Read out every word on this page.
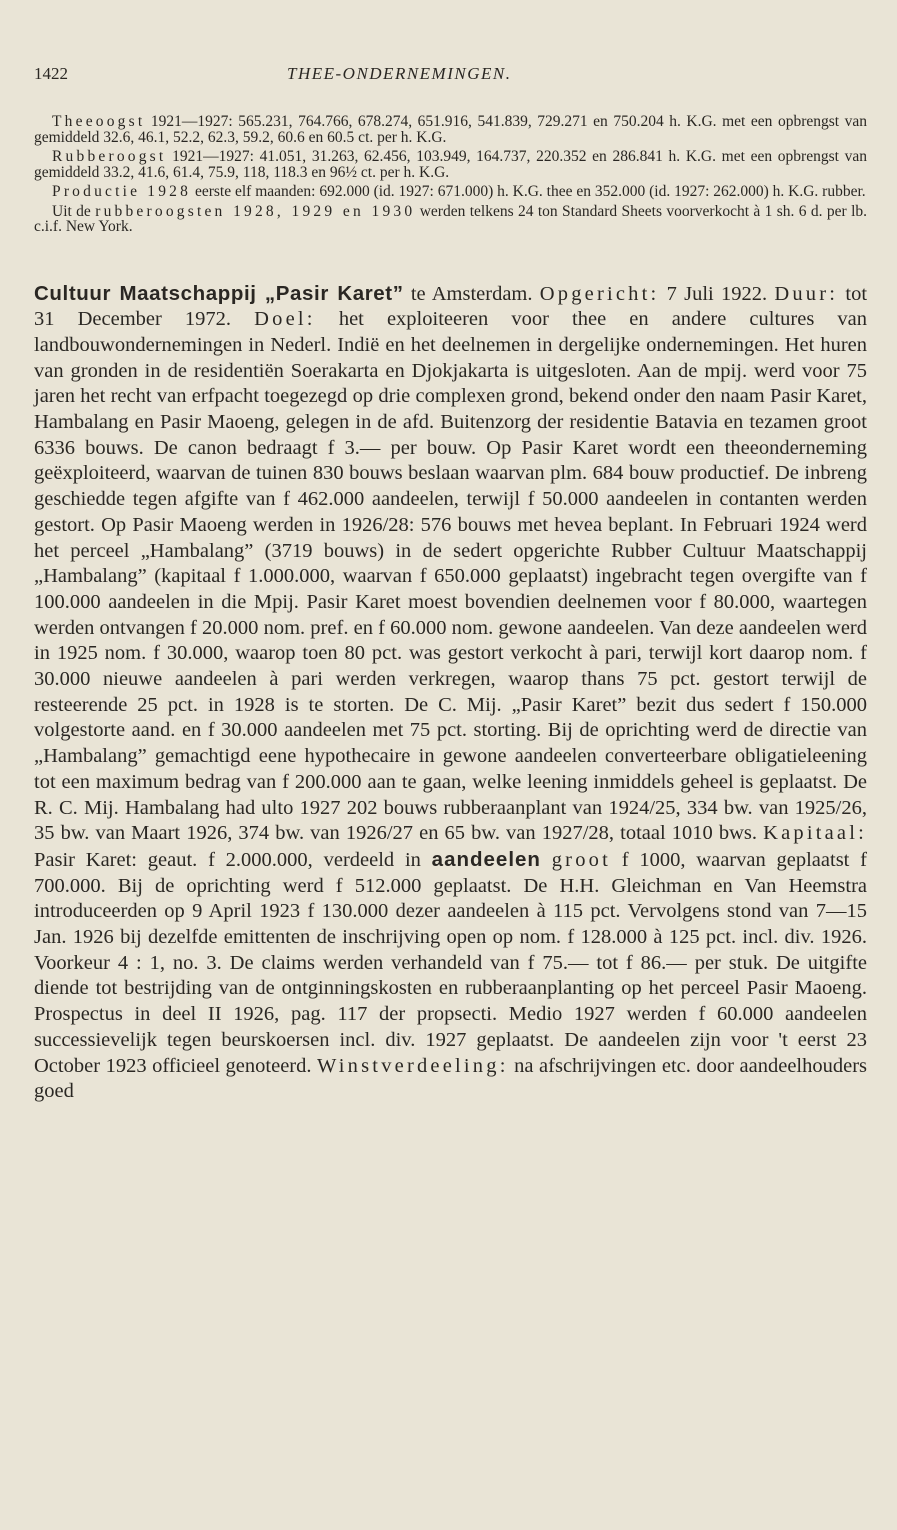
1422	THEE-ONDERNEMINGEN.

Theeoogst 1921—1927: 565.231, 764.766, 678.274, 651.916, 541.839, 729.271 en 750.204 h. K.G. met een opbrengst van gemiddeld 32.6, 46.1, 52.2, 62.3, 59.2, 60.6 en 60.5 ct. per h. K.G.

Rubberoogst 1921—1927: 41.051, 31.263, 62.456, 103.949, 164.737, 220.352 en 286.841 h. K.G. met een opbrengst van gemiddeld 33.2, 41.6, 61.4, 75.9, 118, 118.3 en 96½ ct. per h. K.G.

Productie 1928 eerste elf maanden: 692.000 (id. 1927: 671.000) h. K.G. thee en 352.000 (id. 1927: 262.000) h. K.G. rubber.

Uit de rubberoogsten 1928, 1929 en 1930 werden telkens 24 ton Standard Sheets voorverkocht à 1 sh. 6 d. per lb. c.i.f. New York.

Cultuur Maatschappij „Pasir Karet” te Amsterdam. Opgericht: 7 Juli 1922. Duur: tot 31 December 1972. Doel: het exploiteeren voor thee en andere cultures van landbouwondernemingen in Nederl. Indië en het deelnemen in dergelijke ondernemingen. Het huren van gronden in de residentiën Soerakarta en Djokjakarta is uitgesloten. Aan de mpij. werd voor 75 jaren het recht van erfpacht toegezegd op drie complexen grond, bekend onder den naam Pasir Karet, Hambalang en Pasir Maoeng, gelegen in de afd. Buitenzorg der residentie Batavia en tezamen groot 6336 bouws. De canon bedraagt f 3.— per bouw. Op Pasir Karet wordt een theeonderneming geëxploiteerd, waarvan de tuinen 830 bouws beslaan waarvan plm. 684 bouw productief. De inbreng geschiedde tegen afgifte van f 462.000 aandeelen, terwijl f 50.000 aandeelen in contanten werden gestort. Op Pasir Maoeng werden in 1926/28: 576 bouws met hevea beplant. In Februari 1924 werd het perceel „Hambalang” (3719 bouws) in de sedert opgerichte Rubber Cultuur Maatschappij „Hambalang” (kapitaal f 1.000.000, waarvan f 650.000 geplaatst) ingebracht tegen overgifte van f 100.000 aandeelen in die Mpij. Pasir Karet moest bovendien deelnemen voor f 80.000, waartegen werden ontvangen f 20.000 nom. pref. en f 60.000 nom. gewone aandeelen. Van deze aandeelen werd in 1925 nom. f 30.000, waarop toen 80 pct. was gestort verkocht à pari, terwijl kort daarop nom. f 30.000 nieuwe aandeelen à pari werden verkregen, waarop thans 75 pct. gestort terwijl de resteerende 25 pct. in 1928 is te storten. De C. Mij. „Pasir Karet” bezit dus sedert f 150.000 volgestorte aand. en f 30.000 aandeelen met 75 pct. storting. Bij de oprichting werd de directie van „Hambalang” gemachtigd eene hypothecaire in gewone aandeelen converteerbare obligatieleening tot een maximum bedrag van f 200.000 aan te gaan, welke leening inmiddels geheel is geplaatst. De R. C. Mij. Hambalang had ulto 1927 202 bouws rubberaanplant van 1924/25, 334 bw. van 1925/26, 35 bw. van Maart 1926, 374 bw. van 1926/27 en 65 bw. van 1927/28, totaal 1010 bws. Kapitaal: Pasir Karet: geaut. f 2.000.000, verdeeld in aandeelen groot f 1000, waarvan geplaatst f 700.000. Bij de oprichting werd f 512.000 geplaatst. De H.H. Gleichman en Van Heemstra introduceerden op 9 April 1923 f 130.000 dezer aandeelen à 115 pct. Vervolgens stond van 7—15 Jan. 1926 bij dezelfde emittenten de inschrijving open op nom. f 128.000 à 125 pct. incl. div. 1926. Voorkeur 4 : 1, no. 3. De claims werden verhandeld van f 75.— tot f 86.— per stuk. De uitgifte diende tot bestrijding van de ontginningskosten en rubberaanplanting op het perceel Pasir Maoeng. Prospectus in deel II 1926, pag. 117 der propsecti. Medio 1927 werden f 60.000 aandeelen successievelijk tegen beurskoersen incl. div. 1927 geplaatst. De aandeelen zijn voor 't eerst 23 October 1923 officieel genoteerd. Winstverdeeling: na afschrijvingen etc. door aandeelhouders goed
